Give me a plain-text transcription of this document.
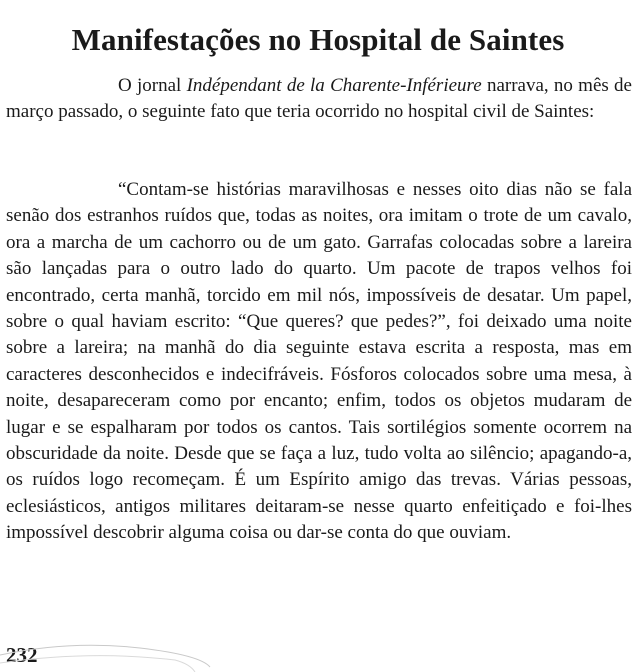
Manifestações no Hospital de Saintes

O jornal Indépendant de la Charente-Inférieure narrava, no mês de março passado, o seguinte fato que teria ocorrido no hospital civil de Saintes:

“Contam-se histórias maravilhosas e nesses oito dias não se fala senão dos estranhos ruídos que, todas as noites, ora imitam o trote de um cavalo, ora a marcha de um cachorro ou de um gato. Garrafas colocadas sobre a lareira são lançadas para o outro lado do quarto. Um pacote de trapos velhos foi encontrado, certa manhã, torcido em mil nós, impossíveis de desatar. Um papel, sobre o qual haviam escrito: “Que queres? que pedes?”, foi deixado uma noite sobre a lareira; na manhã do dia seguinte estava escrita a resposta, mas em caracteres desconhecidos e indecifráveis. Fósforos colocados sobre uma mesa, à noite, desapareceram como por encanto; enfim, todos os objetos mudaram de lugar e se espalharam por todos os cantos. Tais sortilégios somente ocorrem na obscuridade da noite. Desde que se faça a luz, tudo volta ao silêncio; apagando-a, os ruídos logo recomeçam. É um Espírito amigo das trevas. Várias pessoas, eclesiásticos, antigos militares deitaram-se nesse quarto enfeitiçado e foi-lhes impossível descobrir alguma coisa ou dar-se conta do que ouviam.

232
